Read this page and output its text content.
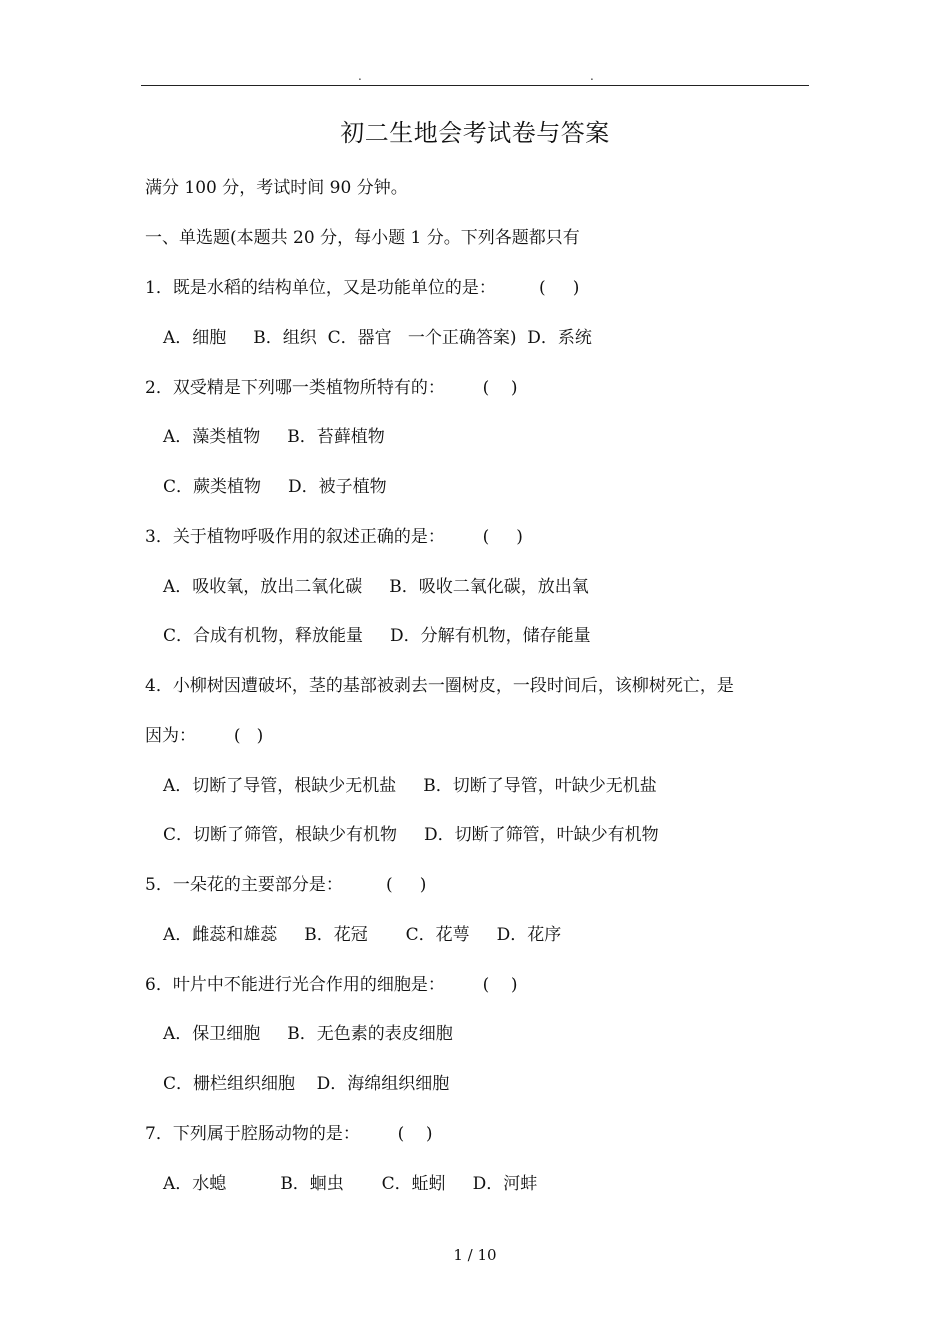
.	.
初二生地会考试卷与答案
满分 100 分，考试时间 90 分钟。
一、单选题(本题共 20 分，每小题 1 分。下列各题都只有
1．既是水稻的结构单位，又是功能单位的是：        (     )
A．细胞     B．组织  C．器官   一个正确答案)  D．系统
2．双受精是下列哪一类植物所特有的：       (    )
A．藻类植物     B．苔藓植物
C．蕨类植物     D．被子植物
3．关于植物呼吸作用的叙述正确的是：       (     )
A．吸收氧，放出二氧化碳     B．吸收二氧化碳，放出氧
C．合成有机物，释放能量     D．分解有机物，储存能量
4．小柳树因遭破坏，茎的基部被剥去一圈树皮，一段时间后，该柳树死亡，是
因为：       (   )
A．切断了导管，根缺少无机盐     B．切断了导管，叶缺少无机盐
C．切断了筛管，根缺少有机物     D．切断了筛管，叶缺少有机物
5．一朵花的主要部分是：        (     )
A．雌蕊和雄蕊     B．花冠       C．花萼     D．花序
6．叶片中不能进行光合作用的细胞是：       (    )
A．保卫细胞     B．无色素的表皮细胞
C．栅栏组织细胞    D．海绵组织细胞
7．下列属于腔肠动物的是：       (    )
A．水螅          B．蛔虫       C．蚯蚓     D．河蚌
1 / 10
